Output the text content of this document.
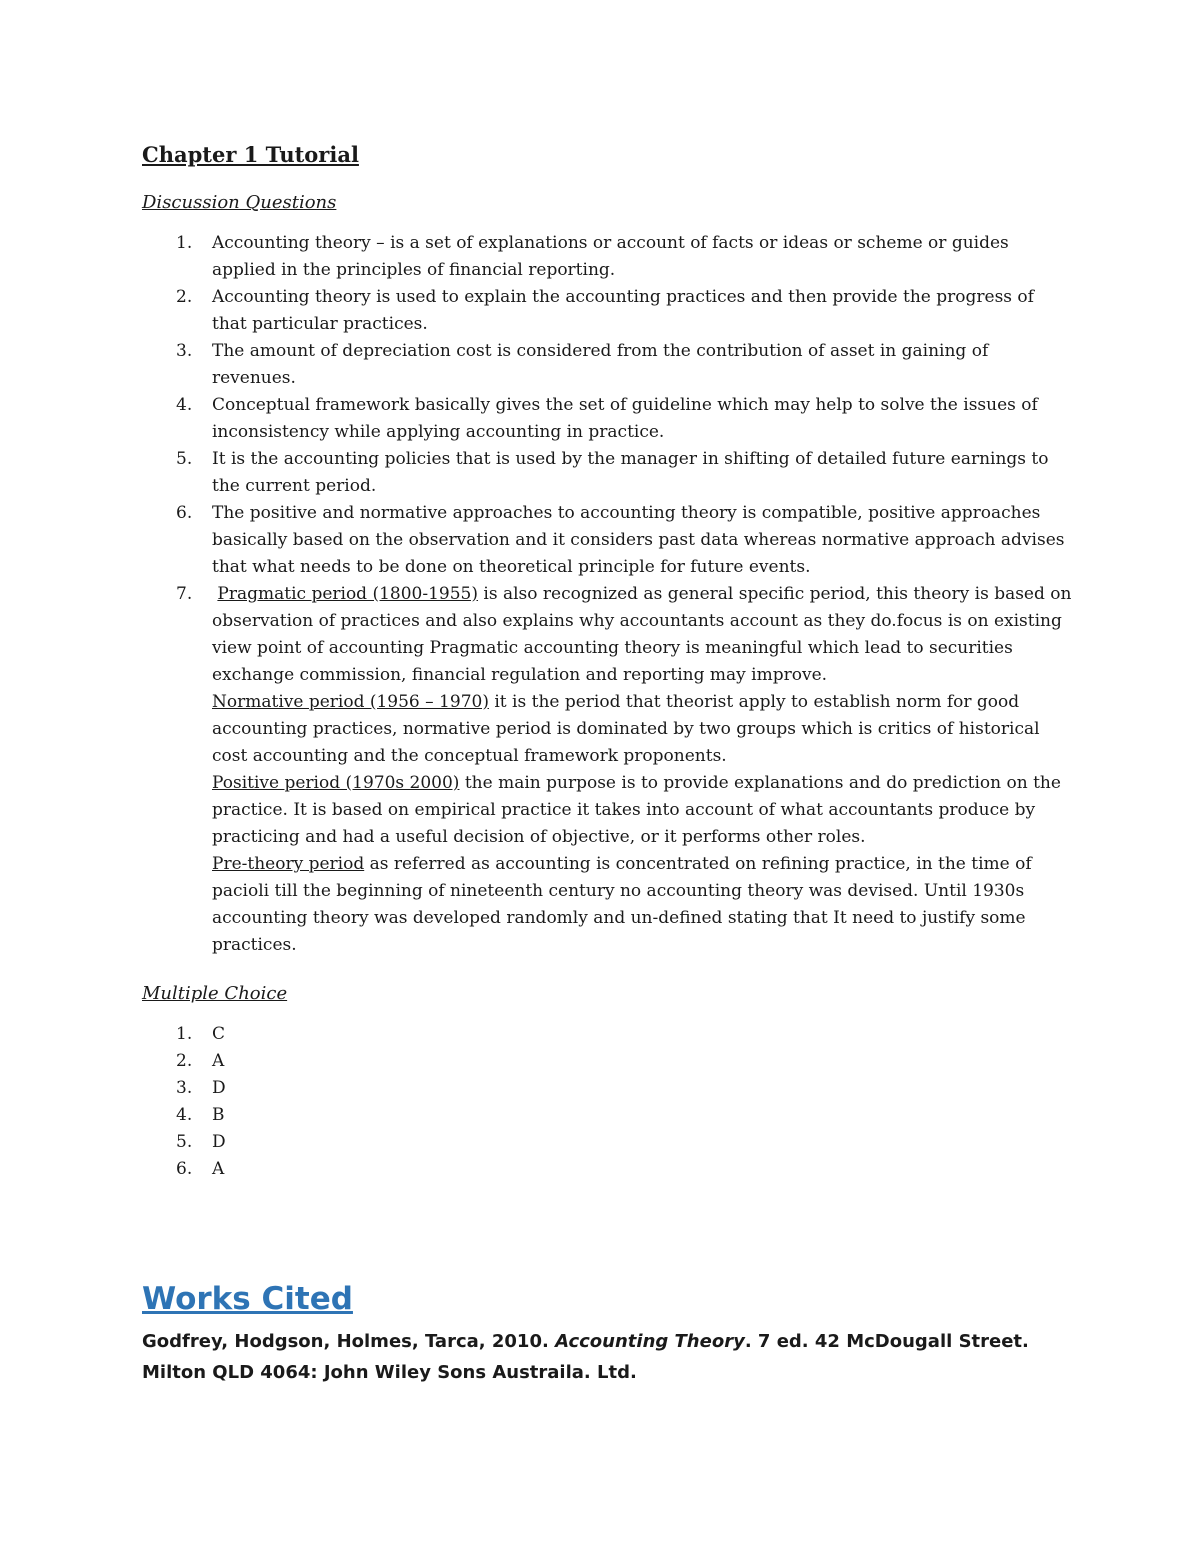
Chapter 1 Tutorial
Discussion Questions
1. Accounting theory – is a set of explanations or account of facts or ideas or scheme or guides applied in the principles of financial reporting.
2. Accounting theory is used to explain the accounting practices and then provide the progress of that particular practices.
3. The amount of depreciation cost is considered from the contribution of asset in gaining of revenues.
4. Conceptual framework basically gives the set of guideline which may help to solve the issues of inconsistency while applying accounting in practice.
5. It is the accounting policies that is used by the manager in shifting of detailed future earnings to the current period.
6. The positive and normative approaches to accounting theory is compatible, positive approaches basically based on the observation and it considers past data whereas normative approach advises that what needs to be done on theoretical principle for future events.
7.	Pragmatic period (1800-1955) is also recognized as general specific period, this theory is based on observation of practices and also explains why accountants account as they do.focus is on existing view point of accounting Pragmatic accounting theory is meaningful which lead to securities exchange commission, financial regulation and reporting may improve.
Normative period (1956 – 1970) it is the period that theorist apply to establish norm for good accounting practices, normative period is dominated by two groups which is critics of historical cost accounting and the conceptual framework proponents.
Positive period (1970s 2000) the main purpose is to provide explanations and do prediction on the practice. It is based on empirical practice it takes into account of what accountants produce by practicing and had a useful decision of objective, or it performs other roles.
Pre-theory period as referred as accounting is concentrated on refining practice, in the time of pacioli till the beginning of nineteenth century no accounting theory was devised. Until 1930s accounting theory was developed randomly and un-defined stating that It need to justify some practices.
Multiple Choice
1. C
2. A
3. D
4. B
5. D
6. A
Works Cited

Godfrey, Hodgson, Holmes, Tarca, 2010. Accounting Theory. 7 ed. 42 McDougall Street. Milton QLD 4064: John Wiley Sons Austraila. Ltd.
